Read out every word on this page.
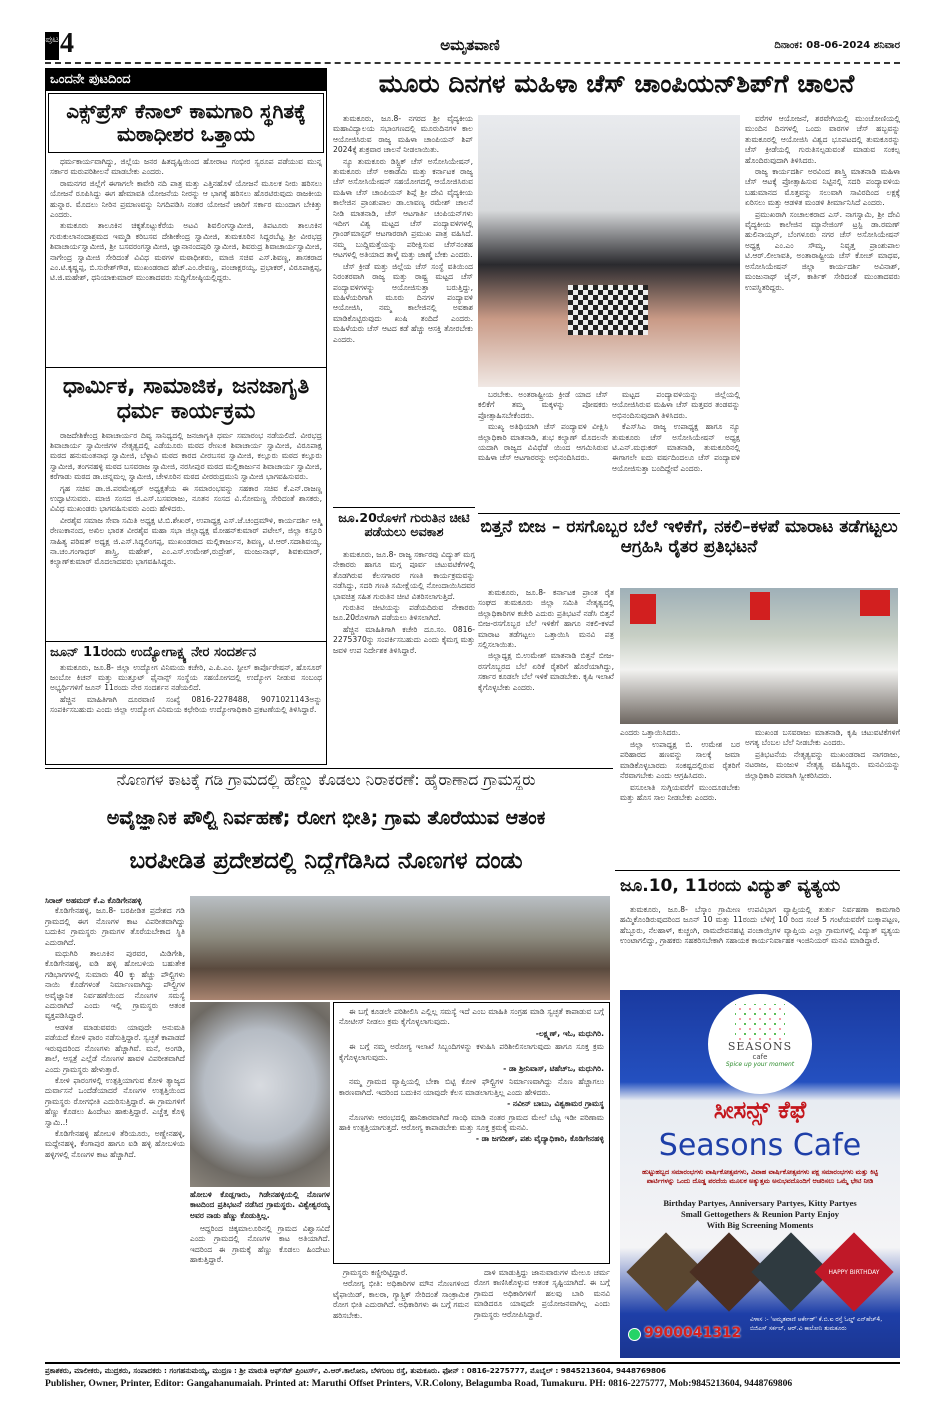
ಪುಟ 4	ಅಮೃತವಾಣಿ	ದಿನಾಂಕ: 08-06-2024 ಶನಿವಾರ
ಒಂದನೇ ಪುಟದಿಂದ
ಎಕ್ಸ್‌ಪ್ರೆಸ್ ಕೆನಾಲ್ ಕಾಮಗಾರಿ ಸ್ಥಗಿತಕ್ಕೆ ಮಠಾಧೀಶರ ಒತ್ತಾಯ

ಧರ್ಮಕಾರ್ಯವಾಗಿದ್ದು, ಜಿಲ್ಲೆಯ ಜನರ ಹಿತದೃಷ್ಟಿಯಿಂದ ಹೋರಾಟ ಗಂಭೀರ ಸ್ವರೂಪ ಪಡೆಯುವ ಮುನ್ನ ಸರ್ಕಾರ ಮರುಪರಿಶೀಲನೆ ಮಾಡಬೇಕು ಎಂದರು.

ರಾಮನಗರ ಜಿಲ್ಲೆಗೆ ಈಗಾಗಲೇ ಕಾವೇರಿ ನದಿ ಪಾತ್ರ ಮತ್ತು ಎತ್ತಿನಹೊಳೆ ಯೋಜನೆ ಮೂಲಕ ನೀರು ಹರಿಸಲು ಯೋಜನೆ ರೂಪಿಸಿದ್ದು ಈಗ ಹೇಮಾವತಿ ಯೋಜನೆಯ ನೀರನ್ನು ಆ ಭಾಗಕ್ಕೆ ಹರಿಸಲು ಹೊರಟಿರುವುದು ರಾಜಕೀಯ ಹುನ್ನಾರ. ಮೊದಲು ನೀರಿನ ಪ್ರಮಾಣವನ್ನು ನಿಗದಿಪಡಿಸಿ ನಂತರ ಯೋಜನೆ ಜಾರಿಗೆ ಸರ್ಕಾರ ಮುಂದಾಗ ಬೇಕಿತ್ತು ಎಂದರು.

ತುಮಕೂರು ತಾಲೂಕಿನ ಚಿಕ್ಕತೊಟ್ಲುಕೆರೆಯ ಅಟವಿ ಶಿವಲಿಂಗಸ್ವಾಮೀಜಿ, ತಿಪಟೂರು ತಾಲೂಕಿನ ಗುರುಕುಲಾನಂದಾಶ್ರಮದ ಇಮ್ಮಡಿ ಕರಿಬಸವ ದೇಶೀಕೇಂದ್ರ ಸ್ವಾಮೀಜಿ, ತುಮಕೂರಿನ ಸಿದ್ದರಬೆಟ್ಟ ಶ್ರೀ ವೀರಭದ್ರ ಶಿವಾಚಾರ್ಯಸ್ವಾಮೀಜಿ, ಶ್ರೀ ಬಸವರಂಗಸ್ವಾಮೀಜಿ, ಜ್ಞಾನಾನಂದಪುರಿ ಸ್ವಾಮೀಜಿ, ಶಿವರುದ್ರ ಶಿವಾಚಾರ್ಯಸ್ವಾಮೀಜಿ, ನಾಗೇಂದ್ರ ಸ್ವಾಮೀಜಿ ಸೇರಿದಂತೆ ವಿವಿಧ ಮಠಗಳ ಮಠಾಧೀಶರು, ಮಾಜಿ ಸಚಿವ ಎಸ್.ಶಿವಣ್ಣ, ಶಾಸಕರಾದ ಎಂ.ಟಿ.ಕೃಷ್ಣಪ್ಪ, ಬಿ.ಸುರೇಶ್‌ಗೌಡ, ಮುಖಂಡರಾದ ಹೆಚ್.ಎಂ.ರೇವಣ್ಣ, ಪಂಚಾಕ್ಷರಯ್ಯ, ಪ್ರಭಾಕರ್, ವಿರೂಪಾಕ್ಷಪ್ಪ, ಟಿ.ಜಿ.ಮಹೇಶ್, ಧನಿಯಾಕುಮಾರ್ ಮುಂತಾದವರು ಸುದ್ದಿಗೋಷ್ಠಿಯಲ್ಲಿದ್ದರು.

ಧಾರ್ಮಿಕ, ಸಾಮಾಜಿಕ, ಜನಜಾಗೃತಿ ಧರ್ಮ ಕಾರ್ಯಕ್ರಮ

ರಾಜದೇಶಿಕೇಂದ್ರ ಶಿವಾಚಾರ್ಯರ ದಿವ್ಯ ಸಾನಿಧ್ಯದಲ್ಲಿ ಜನಜಾಗೃತಿ ಧರ್ಮ ಸಮಾರಂಭ ನಡೆಯಲಿದೆ. ವೀರಭದ್ರ ಶಿವಾಚಾರ್ಯ ಸ್ವಾಮೀಜಿಗಳ ನೇತೃತ್ವದಲ್ಲಿ ಎಡೆಯೂರು ಮಠದ ರೇಣುಕ ಶಿವಾಚಾರ್ಯ ಸ್ವಾಮೀಜಿ, ವಿರೂಪಾಕ್ಷ ಮಠದ ಹನುಮಂತನಾಥ ಸ್ವಾಮೀಜಿ, ಬೆಳ್ಳಾವಿ ಮಠದ ಕಾರದ ವೀರಬಸವ ಸ್ವಾಮೀಜಿ, ಕಲ್ಲೂರು ಮಠದ ಕಲ್ಲೂರು ಸ್ವಾಮೀಜಿ, ತಂಗನಹಳ್ಳಿ ಮಠದ ಬಸವರಾಜ ಸ್ವಾಮೀಜಿ, ನರಸೀಪುರ ಮಠದ ಮಲ್ಲಿಕಾರ್ಜುನ ಶಿವಾಚಾರ್ಯ ಸ್ವಾಮೀಜಿ, ಕರೆಗಾಡು ಮಠದ ಡಾ.ಚನ್ನಮಲ್ಲ ಸ್ವಾಮೀಜಿ, ಚೇಳೂರಿನ ಮಠದ ವೀರರುದ್ರಮುನಿ ಸ್ವಾಮೀಜಿ ಭಾಗವಹಿಸುವರು.

ಗೃಹ ಸಚಿವ ಡಾ.ಜಿ.ಪರಮೇಶ್ವರ್ ಅಧ್ಯಕ್ಷತೆಯ ಈ ಸಮಾರಂಭವನ್ನು ಸಹಕಾರ ಸಚಿವ ಕೆ.ಎನ್.ರಾಜಣ್ಣ ಉದ್ಘಾಟಿಸುವರು. ಮಾಜಿ ಸಂಸದ ಜಿ.ಎಸ್.ಬಸವರಾಜು, ನೂತನ ಸಂಸದ ವಿ.ಸೋಮಣ್ಣ ಸೇರಿದಂತೆ ಶಾಸಕರು, ವಿವಿಧ ಮುಖಂಡರು ಭಾಗವಹಿಸುವರು ಎಂದು ಹೇಳಿದರು.

ವೀರಶೈವ ಸಮಾಜ ಸೇವಾ ಸಮಿತಿ ಅಧ್ಯಕ್ಷ ಟಿ.ಬಿ.ಶೇಖರ್, ಉಪಾಧ್ಯಕ್ಷ ಎಸ್.ಜೆ.ಚಂದ್ರಮೌಳಿ, ಕಾರ್ಯದರ್ಶಿ ಆತ್ಮಿ ರೇಣುಕಾನಂದ, ಅಖಿಲ ಭಾರತ ವೀರಶೈವ ಮಹಾ ಸಭಾ ಜಿಲ್ಲಾಧ್ಯಕ್ಷ ಮೋಹನ್‌ಕುಮಾರ್ ಪಟೇಲ್, ಜಿಲ್ಲಾ ಕಸ್ತೂರಿ ಸಾಹಿತ್ಯ ಪರಿಷತ್ ಅಧ್ಯಕ್ಷ ಜಿ.ಎಸ್.ಸಿದ್ದಲಿಂಗಪ್ಪ, ಮುಖಂಡರಾದ ಮಲ್ಲಿಕಾರ್ಜುನ, ಶಿವಣ್ಣ, ಟಿ.ಆರ್.ಸದಾಶಿವಯ್ಯ, ನಾ.ಚಂ.ಗಂಗಾಧರ್ ಶಾಸ್ತ್ರಿ, ಮಹೇಶ್, ಎಂ.ಎಸ್.ಉಮೇಶ್,ರುದ್ರೇಶ್, ಮಂಜುನಾಥ್, ಶಿವಕುಮಾರ್, ಕಲ್ಯಾಣ್‌ಕುಮಾರ್ ಮೊದಲಾದವರು ಭಾಗವಹಿಸಿದ್ದರು.

ಜೂನ್ 11ರಂದು ಉದ್ಯೋಗಾಕ್ಷ್ಯ ನೇರ ಸಂದರ್ಶನ

ತುಮಕೂರು, ಜೂ.8- ಜಿಲ್ಲಾ ಉದ್ಯೋಗ ವಿನಿಮಯ ಕಚೇರಿ, ಎ.ಪಿ.ಎಂ. ಸ್ಟೀಲ್ ಕಾರ್ಪೊರೇಷನ್, ಹೊಸೂರ್ ಜಂಬೋ ಕಿಚನ್ ಮತ್ತು ಮುತ್ತೂಟ್ ಫೈನಾನ್ಸ್ ಸಂಸ್ಥೆಯ ಸಹಯೋಗದಲ್ಲಿ ಉದ್ಯೋಗ ನೀಡುವ ಸಂಬಂಧ ಅಭ್ಯರ್ಥಿಗಳಿಗೆ ಜೂನ್ 11ರಂದು ನೇರ ಸಂದರ್ಶನ ನಡೆಯಲಿದೆ.

ಹೆಚ್ಚಿನ ಮಾಹಿತಿಗಾಗಿ ದೂರವಾಣಿ ಸಂಖ್ಯೆ 0816-2278488, 9071021143ಅನ್ನು ಸಂಪರ್ಕಿಸಬಹುದು ಎಂದು ಜಿಲ್ಲಾ ಉದ್ಯೋಗ ವಿನಿಮಯ ಕಛೇರಿಯ ಉದ್ಯೋಗಾಧಿಕಾರಿ ಪ್ರಕಟಣೆಯಲ್ಲಿ ತಿಳಿಸಿದ್ದಾರೆ.

ಮೂರು ದಿನಗಳ ಮಹಿಳಾ ಚೆಸ್ ಚಾಂಪಿಯನ್‌ಶಿಪ್‌ಗೆ ಚಾಲನೆ

ತುಮಕೂರು, ಜೂ.8- ನಗರದ ಶ್ರೀ ವೈದ್ಯಕೀಯ ಮಹಾವಿದ್ಯಾಲಯ ಸಭಾಂಗಣದಲ್ಲಿ ಮೂರುದಿನಗಳ ಕಾಲ ಆಯೋಜಿಸಿರುವ ರಾಜ್ಯ ಮಹಿಳಾ ಚಾಂಪಿಯನ್ ಶಿಪ್ 2024ಕ್ಕೆ ಶುಕ್ರವಾರ ಚಾಲನೆ ನೀಡಲಾಯಿತು.

ನ್ಯೂ ತುಮಕೂರು ಡಿಸ್ಟ್ರಿಕ್ ಚೆಸ್ ಅಸೋಸಿಯೇಷನ್, ತುಮಕೂರು ಚೆಸ್ ಅಕಾಡೆಮಿ ಮತ್ತು ಕರ್ನಾಟಕ ರಾಜ್ಯ ಚೆಸ್ ಅಸೋಸಿಯೇಷನ್ ಸಹಯೋಗದಲ್ಲಿ ಆಯೋಜಿಸಿರುವ ಮಹಿಳಾ ಚೆಸ್ ಚಾಂಪಿಯನ್ ಶಿಪ್ಗೆ ಶ್ರೀ ದೇವಿ ವೈದ್ಯಕೀಯ ಕಾಲೇಜಿನ ಪ್ರಾಂಶುಪಾಲ ಡಾ.ಲಾವಣ್ಯ ರಮೇಶ್ ಚಾಲನೆ ನೀಡಿ ಮಾತನಾಡಿ, ಚೆಸ್ ಆಟಗಾರ್ತಿ ಚಂಪಿಯನ್‌ಗಳು ಇದೀಗ ವಿಶ್ವ ಮಟ್ಟದ ಚೆಸ್ ಪಂದ್ಯಾವಳಿಗಳಲ್ಲಿ ಗ್ರಾಂಡ್‌ಮಾಸ್ಟರ್ ಆಟಗಾರರಾಗಿ ಪ್ರಮುಖ ಪಾತ್ರ ವಹಿಸಿದೆ. ನಮ್ಮ ಬುದ್ದಿಮತ್ತೆಯನ್ನು ಪರೀಕ್ಷಿಸುವ ಚೆಸ್‌ನಂತಹ ಆಟಗಳಲ್ಲಿ ಅತಿಯಾದ ತಾಳ್ಮೆ ಮತ್ತು ಜಾಣ್ಮೆ ಬೇಕು ಎಂದರು.

ಚೆಸ್ ಕ್ರೀಡೆ ಮತ್ತು ಜಿಲ್ಲೆಯ ಚೆಸ್ ಸಂಸ್ಥೆ ವತಿಯಿಂದ ನಿರಂತರವಾಗಿ ರಾಜ್ಯ ಮತ್ತು ರಾಷ್ಟ್ರ ಮಟ್ಟದ ಚೆಸ್ ಪಂದ್ಯಾವಳಿಗಳನ್ನು ಆಯೋಜಿಸುತ್ತಾ ಬರುತ್ತಿದ್ದು, ಮಹಿಳೆಯರಿಗಾಗಿ ಮೂರು ದಿನಗಳ ಪಂದ್ಯಾವಳಿ ಆಯೋಜಿಸಿ, ನಮ್ಮ ಕಾಲೇಜಿನಲ್ಲಿ ಅವಕಾಶ ಮಾಡಿಕೊಟ್ಟಿರುವುದು ಖುಷಿ ತಂದಿದೆ ಎಂದರು. ಮಹಿಳೆಯರು ಚೆಸ್ ಆಟದ ಕಡೆ ಹೆಚ್ಚು ಆಸಕ್ತಿ ತೋರಬೇಕು ಎಂದರು.

ವರೆಗಳ ಆಯೋಜನೆ, ಶರವೇಗಿಯಲ್ಲಿ ಮುಂಚೋಣಿಯಲ್ಲಿ ಮುಂದಿನ ದಿನಗಳಲ್ಲಿ ಒಂದು ವಾರಗಳ ಚೆಸ್ ಹಬ್ಬವನ್ನು ತುಮಕೂರಲ್ಲಿ ಆಯೋಜಿಸಿ ವಿಶ್ವದ ಭೂಪಟದಲ್ಲಿ ತುಮಕೂರನ್ನು ಚೆಸ್ ಕ್ರೀಡೆಯಲ್ಲಿ ಗುರುತಿಸಲ್ಪಡುವಂತೆ ಮಾಡುವ ಸಂಕಲ್ಪ ಹೊಂದಿರುವುದಾಗಿ ತಿಳಿಸಿದರು.

ರಾಜ್ಯ ಕಾರ್ಯದರ್ಶಿ ಅರವಿಂದ ಶಾಸ್ತ್ರಿ ಮಾತನಾಡಿ ಮಹಿಳಾ ಚೆಸ್ ಆಟಕ್ಕೆ ಪ್ರೋತ್ಸಾಹಿಸುವ ನಿಟ್ಟಿನಲ್ಲಿ ಸದರಿ ಪಂದ್ಯಾವಳಿಯ ಬಹುಮಾನದ ಮೊತ್ತವನ್ನು ಸಲುವಾಗಿ ಸಾವಿರದಿಂದ ಲಕ್ಷಕ್ಕೆ ಏರಿಸಲು ಮತ್ತು ಆಡಳಿತ ಮಂಡಳಿ ತೀರ್ಮಾನಿಸಿದೆ ಎಂದರು.

ಪ್ರಮುಖರಾಗಿ ಸಂಚಾಲಕರಾದ ಎಸ್. ನಾಗಸ್ವಾಮಿ, ಶ್ರೀ ದೇವಿ ವೈದ್ಯಕೀಯ ಕಾಲೇಜಿನ ಮ್ಯಾನೇಜಿಂಗ್ ಟ್ರಸ್ಟಿ ಡಾ.ರಮಣ್ ಹುಲಿನಾಯ್ಕರ್, ಬೆಂಗಳೂರು ನಗರ ಚೆಸ್ ಅಸೋಸಿಯೇಷನ್ ಅಧ್ಯಕ್ಷ ಎಂ.ಎಂ ಸೌಮ್ಯ, ನಿವೃತ್ತ ಪ್ರಾಂಶುಪಾಲ ಟಿ.ಆರ್.ಲೀಲಾವತಿ, ಅಂತಾರಾಷ್ಟ್ರೀಯ ಚೆಸ್ ಕೋಚ್ ಮಾಧವ, ಅಸೋಸಿಯೇಷನ್ ಜಿಲ್ಲಾ ಕಾರ್ಯದರ್ಶಿ ಅವಿನಾಶ್, ಮಂಜುನಾಥ್ ಜೈನ್, ಕಾರ್ತಿಕ್ ಸೇರಿದಂತೆ ಮುಂತಾದವರು ಉಪಸ್ಥಿತರಿದ್ದರು.

ಬರಬೇಕು. ಅಂತರಾಷ್ಟ್ರೀಯ ಕ್ರೀಡೆ ಯಾದ ಚೆಸ್ ಕಲಿಕೆಗೆ ತಮ್ಮ ಮಕ್ಕಳನ್ನು ಪೋಷಕರು ಪ್ರೋತ್ಸಾಹಿಸಬೇಕೆಂದರು.

ಮುಖ್ಯ ಅತಿಥಿಯಾಗಿ ಚೆಸ್ ಪಂದ್ಯಾವಳಿ ವೀಕ್ಷಿಸಿ ಜಿಲ್ಲಾಧಿಕಾರಿ ಮಾತನಾಡಿ, ಶುಭ ಕಲ್ಯಾಣ್ ಮೊದಲನೇ ಯದಾಗಿ ರಾಜ್ಯದ ವಿವಿಧೆಡೆ ಯಿಂದ ಆಗಮಿಸಿರುವ ಮಹಿಳಾ ಚೆಸ್ ಆಟಗಾರರನ್ನು ಅಭಿನಂದಿಸಿದರು.

ಮಟ್ಟದ ಪಂದ್ಯಾವಳಿಯನ್ನು ಜಿಲ್ಲೆಯಲ್ಲಿ ಆಯೋಜಿಸಿರುವ ಮಹಿಳಾ ಚೆಸ್ ಮತ್ತವರ ತಂಡವನ್ನು ಅಭಿನಂದಿಸುವುದಾಗಿ ತಿಳಿಸಿದರು.

ಕೆಎಸ್‌ಸಿಎ ರಾಜ್ಯ ಉಪಾಧ್ಯಕ್ಷ ಹಾಗೂ ನ್ಯೂ ತುಮಕೂರು ಚೆಸ್ ಅಸೋಸಿಯೇಷನ್ ಅಧ್ಯಕ್ಷ ಟಿ.ಎನ್.ಮಧುಕರ್ ಮಾತನಾಡಿ, ತುಮಕೂರಿನಲ್ಲಿ ಈಗಾಗಲೇ ಐದು ವರ್ಷದಿಂದಲೂ ಚೆಸ್ ಪಂದ್ಯಾವಳಿ ಆಯೋಜಿಸುತ್ತಾ ಬಂದಿದ್ದೇವೆ ಎಂದರು.

ಜೂ.20ರೊಳಗೆ ಗುರುತಿನ ಚೀಟಿ ಪಡೆಯಲು ಅವಕಾಶ

ತುಮಕೂರು, ಜೂ.8- ರಾಜ್ಯ ಸರ್ಕಾರವು ವಿದ್ಯುತ್ ಮಗ್ಗ ನೇಕಾರರು ಹಾಗೂ ಮಗ್ಗ ಪೂರ್ವ ಚಟುವಟಿಕೆಗಳಲ್ಲಿ ತೊಡಗಿರುವ ಕೆಲಸಗಾರರ ಗಣತಿ ಕಾರ್ಯಕ್ರಮವನ್ನು ನಡೆಸಿದ್ದು, ಸದರಿ ಗಣತಿ ಸಮೀಕ್ಷೆಯಲ್ಲಿ ನೋಂದಾಯಿಸಿದವರ ಭಾವಚಿತ್ರ ಸಹಿತ ಗುರುತಿನ ಚೀಟಿ ವಿತರಿಸಲಾಗುತ್ತಿದೆ.

ಗುರುತಿನ ಚೀಟಿಯನ್ನು ಪಡೆಯದಿರುವ ನೇಕಾರರು ಜೂ.20ರೊಳಗಾಗಿ ಪಡೆಯಲು ತಿಳಿಸಲಾಗಿದೆ.

ಹೆಚ್ಚಿನ ಮಾಹಿತಿಗಾಗಿ ಕಚೇರಿ ದೂ.ಸಂ. 0816-2275370ನ್ನು ಸಂಪರ್ಕಿಸಬಹುದು ಎಂದು ಕೈಮಗ್ಗ ಮತ್ತು ಜವಳಿ ಉಪ ನಿರ್ದೇಶಕ ತಿಳಿಸಿದ್ದಾರೆ.

ಬಿತ್ತನೆ ಬೀಜ – ರಸಗೊಬ್ಬರ ಬೆಲೆ ಇಳಿಕೆಗೆ, ನಕಲಿ–ಕಳಪೆ ಮಾರಾಟ ತಡೆಗಟ್ಟಲು ಆಗ್ರಹಿಸಿ ರೈತರ ಪ್ರತಿಭಟನೆ

ತುಮಕೂರು, ಜೂ.8- ಕರ್ನಾಟಕ ಪ್ರಾಂತ ರೈತ ಸಂಘದ ತುಮಕೂರು ಜಿಲ್ಲಾ ಸಮಿತಿ ನೇತೃತ್ವದಲ್ಲಿ ಜಿಲ್ಲಾಧಿಕಾರಿಗಳ ಕಚೇರಿ ಎದುರು ಪ್ರತಿಭಟನೆ ನಡೆಸಿ ಬಿತ್ತನೆ ಬೀಜ-ರಸಗೊಬ್ಬರ ಬೆಲೆ ಇಳಿಕೆಗೆ ಹಾಗೂ ನಕಲಿ-ಕಳಪೆ ಮಾರಾಟ ತಡೆಗಟ್ಟಲು ಒತ್ತಾಯಿಸಿ ಮನವಿ ಪತ್ರ ಸಲ್ಲಿಸಲಾಯಿತು.

ಜಿಲ್ಲಾಧ್ಯಕ್ಷ ಬಿ.ಉಮೇಶ್ ಮಾತನಾಡಿ ಬಿತ್ತನೆ ಬೀಜ-ರಸಗೊಬ್ಬರದ ಬೆಲೆ ಏರಿಕೆ ರೈತರಿಗೆ ಹೊರೆಯಾಗಿದ್ದು, ಸರ್ಕಾರ ಕೂಡಲೇ ಬೆಲೆ ಇಳಿಕೆ ಮಾಡಬೇಕು. ಕೃಷಿ ಇಲಾಖೆ ಕೈಗೊಳ್ಳಬೇಕು ಎಂದರು.

ಎಂದರು ಒತ್ತಾಯಿಸಿದರು.

ಜಿಲ್ಲಾ ಉಪಾಧ್ಯಕ್ಷ ಬಿ. ಉಮೇಶ ಬರ ಪರಿಹಾರದ ಹಣವನ್ನು ಸಾಲಕ್ಕೆ ಜಮಾ ಮಾಡಿಕೊಳ್ಳಬಾರದು ಸಂಕಷ್ಟದಲ್ಲಿರುವ ರೈತರಿಗೆ ನೆರವಾಗಬೇಕು ಎಂದು ಆಗ್ರಹಿಸಿದರು.

ವಸೂಲಾತಿ ಸುಗ್ಗಿಯವರೆಗೆ ಮುಂದೂಡಬೇಕು ಮತ್ತು ಹೊಸ ಸಾಲ ನೀಡಬೇಕು ಎಂದರು.

ಮುಖಂಡ ಬಸವರಾಜು ಮಾತನಾಡಿ, ಕೃಷಿ ಚಟುವಟಿಕೆಗಳಿಗೆ ಅಗತ್ಯ ಬೆಂಬಲ ಬೆಲೆ ನೀಡಬೇಕು ಎಂದರು.

ಪ್ರತಿಭಟನೆಯ ನೇತೃತ್ವವನ್ನು ಮುಖಂಡರಾದ ನಾಗರಾಜು, ನಟರಾಜ, ಮಂಜುಳ ನೇತೃತ್ವ ವಹಿಸಿದ್ದರು. ಮನವಿಯನ್ನು ಜಿಲ್ಲಾಧಿಕಾರಿ ಪರವಾಗಿ ಸ್ವೀಕರಿಸಿದರು.

ನೊಣಗಳ ಕಾಟಕ್ಕೆ ಗಡಿ ಗ್ರಾಮದಲ್ಲಿ ಹೆಣ್ಣು ಕೊಡಲು ನಿರಾಕರಣೆ: ಹೈರಾಣಾದ ಗ್ರಾಮಸ್ಥರು
ಅವೈಜ್ಞಾನಿಕ ಪೌಲ್ಟ್ರಿ ನಿರ್ವಹಣೆ; ರೋಗ ಭೀತಿ; ಗ್ರಾಮ ತೊರೆಯುವ ಆತಂಕ
ಬರಪೀಡಿತ ಪ್ರದೇಶದಲ್ಲಿ ನಿದ್ದೆಗೆಡಿಸಿದ ನೊಣಗಳ ದಂಡು
ಜೂ.10, 11ರಂದು ವಿದ್ಯುತ್ ವ್ಯತ್ಯಯ

ತುಮಕೂರು, ಜೂ.8- ಬೆಸ್ಕಾಂ ಗ್ರಾಮೀಣ ಉಪವಿಭಾಗ ವ್ಯಾಪ್ತಿಯಲ್ಲಿ ತುರ್ತು ನಿರ್ವಹಣಾ ಕಾಮಗಾರಿ ಹಮ್ಮಿಕೊಂಡಿರುವುದರಿಂದ ಜೂನ್ 10 ಮತ್ತು 11ರಂದು ಬೆಳಿಗ್ಗೆ 10 ರಿಂದ ಸಂಜೆ 5 ಗಂಟೆಯವರೆಗೆ ಬುಕ್ಕಾಪಟ್ಟಣ, ಹೆಬ್ಬೂರು, ನೆಲಹಾಳ್, ಕುಚ್ಚಂಗಿ, ರಾಮದೇವನಹಟ್ಟಿ ಪಂಚಾಯ್ತಿಗಳ ವ್ಯಾಪ್ತಿಯ ಎಲ್ಲಾ ಗ್ರಾಮಗಳಲ್ಲಿ ವಿದ್ಯುತ್ ವ್ಯತ್ಯಯ ಉಂಟಾಗಲಿದ್ದು, ಗ್ರಾಹಕರು ಸಹಕರಿಸಬೇಕಾಗಿ ಸಹಾಯಕ ಕಾರ್ಯನಿರ್ವಾಹಕ ಇಂಜಿನಿಯರ್ ಮನವಿ ಮಾಡಿದ್ದಾರೆ.

ಸಿರಾಜ್ ಅಹಮದ್ ಕೆ.ಎ ಕೊಡಿಗೇನಹಳ್ಳಿ

ಕೊಡಿಗೇನಹಳ್ಳಿ, ಜೂ.8- ಬರಪೀಡಿತ ಪ್ರದೇಶದ ಗಡಿ ಗ್ರಾಮದಲ್ಲಿ ಈಗ ನೊಣಗಳ ಕಾಟ ವಿಪರೀತವಾಗಿದ್ದು ಬದುಕಿನ ಗ್ರಾಮಸ್ಥರು ಗ್ರಾಮಗಳ ತೊರೆಯಬೇಕಾದ ಸ್ಥಿತಿ ಎದುರಾಗಿದೆ.

ಮಧುಗಿರಿ ತಾಲೂಕಿನ ಪುರವರ, ಮಿಡಿಗೇಶಿ, ಕೊಡಿಗೇನಹಳ್ಳಿ, ಐಡಿ ಹಳ್ಳಿ ಹೋಬಳಿಯ ಬಹುತೇಕ ಗಡಿಭಾಗಗಳಲ್ಲಿ ಸುಮಾರು 40 ಕ್ಕು ಹೆಚ್ಚು ಪೌಲ್ಟ್ರಿಗಳು ನಾಯಿ ಕೊಡೆಗಳಂತೆ ನಿರ್ಮಾಣವಾಗಿದ್ದು ಪೌಲ್ಟ್ರಿಗಳ ಅವೈಜ್ಞಾನಿಕ ನಿರ್ವಹಣೆಯಿಂದ ನೊಣಗಳ ಸಮಸ್ಯೆ ಎದುರಾಗಿದೆ ಎಂದು ಇಲ್ಲಿ ಗ್ರಾಮಸ್ಥರು ಆತಂಕ ವ್ಯಕ್ತಪಡಿಸಿದ್ದಾರೆ.

ಆಡಳಿತ ಮಾಡುವವರು ಯಾವುದೇ ಅನುಮತಿ ಪಡೆಯದೆ ಕೋಳಿ ಫಾರಂ ನಡೆಸುತ್ತಿದ್ದಾರೆ. ಸ್ವಚ್ಛತೆ ಕಾಪಾಡದೆ ಇರುವುದರಿಂದ ನೊಣಗಳು ಹೆಚ್ಚಾಗಿವೆ. ಮನೆ, ಅಂಗಡಿ, ಶಾಲೆ, ಆಸ್ಪತ್ರೆ ಎಲ್ಲೆಡೆ ನೊಣಗಳ ಹಾವಳಿ ವಿಪರೀತವಾಗಿದೆ ಎಂದು ಗ್ರಾಮಸ್ಥರು ಹೇಳುತ್ತಾರೆ.

ಕೋಳಿ ಫಾರಂಗಳಲ್ಲಿ ಉತ್ಪತ್ತಿಯಾಗುವ ಕೋಳಿ ತ್ಯಾಜ್ಯದ ದುರ್ವಾಸನೆ ಒಂದೆಡೆಯಾದರೆ ನೊಣಗಳ ಉತ್ಪತ್ತಿಯಿಂದ ಗ್ರಾಮಸ್ಥರು ರೋಗಭೀತಿ ಎದುರಿಸುತ್ತಿದ್ದಾರೆ. ಈ ಗ್ರಾಮಗಳಿಗೆ ಹೆಣ್ಣು ಕೊಡಲು ಹಿಂದೇಟು ಹಾಕುತ್ತಿದ್ದಾರೆ. ಎಚ್ಚೆತ್ತ ಕೊಳ್ಳಿ ಸ್ವಾಮಿ..!

ಕೊಡಿಗೇನಹಳ್ಳಿ ಹೋಬಳಿ ತೆರಿಯೂರು, ಅಣ್ಣೇನಹಳ್ಳಿ, ಮದ್ದೇನಹಳ್ಳಿ, ಕೆಂಗಾಪುರ ಹಾಗೂ ಐಡಿ ಹಳ್ಳಿ ಹೋಬಳಿಯ ಹಳ್ಳಿಗಳಲ್ಲಿ ನೊಣಗಳ ಕಾಟ ಹೆಚ್ಚಾಗಿದೆ.

ಹೋಬಳಿ ಕೊಡ್ಲಗಾರು, ಗಿಡೇನಹಳ್ಳಿಯಲ್ಲಿ ನೊಣಗಳ ಕಾಟದಿಂದ ಪ್ರತಿಭಟನೆ ನಡೆಸಿದ ಗ್ರಾಮಸ್ಥರು. ವಿಶ್ವೇಶ್ವರಯ್ಯ ಅವರ ನಾಡು ಹೆಣ್ಣು ಕೊಡುತ್ತಿಲ್ಲ.

ಆದ್ದರಿಂದ ಚಿಕ್ಕಮಾಲೂರಿನಲ್ಲಿ ಗ್ರಾಮದ ವಿಶ್ವಾಸವಿದೆ ಎಂದು ಗ್ರಾಮದಲ್ಲಿ ನೊಣಗಳ ಕಾಟ ಅತಿಯಾಗಿದೆ. ಇದರಿಂದ ಈ ಗ್ರಾಮಕ್ಕೆ ಹೆಣ್ಣು ಕೊಡಲು ಹಿಂದೇಟು ಹಾಕುತ್ತಿದ್ದಾರೆ.

ಈ ಬಗ್ಗೆ ಕೂಡಲೇ ಪರಿಶೀಲಿಸಿ ಎಲ್ಲಿಲ್ಲ ಸಮಸ್ಯೆ ಇದೆ ಎಂಬ ಮಾಹಿತಿ ಸಂಗ್ರಹ ಮಾಡಿ ಸ್ವಚ್ಛತೆ ಕಾಪಾಡುವ ಬಗ್ಗೆ ನೋಟೀಸ್ ನೀಡಲು ಕ್ರಮ ಕೈಗೊಳ್ಳಲಾಗುವುದು.

-ಲಕ್ಷ್ಮಣ್, ಇಓ, ಮಧುಗಿರಿ.

ಈ ಬಗ್ಗೆ ನಮ್ಮ ಅರೋಗ್ಯ ಇಲಾಖೆ ಸಿಬ್ಬಂದಿಗಳನ್ನು ಕಳುಹಿಸಿ ಪರಿಶೀಲಿಸಲಾಗುವುದು ಹಾಗೂ ಸೂಕ್ತ ಕ್ರಮ ಕೈಗೊಳ್ಳಲಾಗುವುದು.

- ಡಾ ಶ್ರೀನಿವಾಸ್, ಟಿಹೆಚ್ಒ, ಮಧುಗಿರಿ.

ನಮ್ಮ ಗ್ರಾಮದ ವ್ಯಾಪ್ತಿಯಲ್ಲಿ ಬೇಕಾ ಬಿಟ್ಟಿ ಕೋಳಿ ಫೌಲ್ಟ್ರಿಗಳ ನಿರ್ಮಾಣವಾಗಿದ್ದು ನೊಣ ಹೆಚ್ಚಾಗಲು ಕಾರಣವಾಗಿದೆ. ಇದರಿಂದ ಬದುಕಿನ ಯಾವುದೇ ಕೆಲಸ ಮಾಡಲಾಗುತ್ತಿಲ್ಲ ಎಂದು ಹೇಳಿದರು.

- ನವೀನ್ ಬಾಬು, ವಿಶ್ವಕಾಮರ ಗ್ರಾಮಸ್ಥ

ನೊಣಗಳು ಆರಂಭದಲ್ಲಿ ಹಾನಿಕಾರವಾಗಿದೆ ಗಾಂಧಿ ಮಾಡಿ ನಂತರ ಗ್ರಾಮದ ಮೇಲೆ ಬೆಟ್ಟ ಇಡೀ ಪರಿಣಾಮ ಹಾಕಿ ಉತ್ಪತ್ತಿಯಾಗುತ್ತದೆ. ಆರೋಗ್ಯ ಕಾಪಾಡಬೇಕು ಮತ್ತು ಸೂಕ್ತ ಕ್ರಮಕ್ಕೆ ಮನವಿ.

- ಡಾ ಜಗದೀಶ್, ಪಶು ವೈದ್ಯಾಧಿಕಾರಿ, ಕೊಡಿಗೇನಹಳ್ಳಿ

ಗ್ರಾಮಸ್ಥರು ಕಣ್ಣೀರಿಟ್ಟಿದ್ದಾರೆ.

ಆರೋಗ್ಯ ಭೀತಿ: ಅಧಿಕಾರಿಗಳ ಮೌನ ನೊಣಗಳಿಂದ ಟೈಫಾಯಿಡ್, ಕಾಲರಾ, ಗ್ಯಾಸ್ಟ್ರಿಕ್ ಸೇರಿದಂತೆ ಸಾಂಕ್ರಾಮಿಕ ರೋಗ ಭೀತಿ ಎದುರಾಗಿದೆ. ಅಧಿಕಾರಿಗಳು ಈ ಬಗ್ಗೆ ಗಮನ ಹರಿಸಬೇಕು.

ದಾಳಿ ಮಾಡುತ್ತಿದ್ದು ಜಾನುವಾರುಗಳ ಮೇಲೂ ಚರ್ಮ ರೋಗ ಕಾಣಿಸಿಕೊಳ್ಳುವ ಆತಂಕ ಸೃಷ್ಟಿಯಾಗಿದೆ. ಈ ಬಗ್ಗೆ ಗ್ರಾಮದ ಅಧಿಕಾರಿಗಳಿಗೆ ಹಲವು ಬಾರಿ ಮನವಿ ಮಾಡಿದರೂ ಯಾವುದೇ ಪ್ರಯೋಜನವಾಗಿಲ್ಲ ಎಂದು ಗ್ರಾಮಸ್ಥರು ಆರೋಪಿಸಿದ್ದಾರೆ.

SEASONS
cafe
Spice up your moment
ಸೀಸನ್ಸ್ ಕೆಫೆ
Seasons Cafe
ಹುಟ್ಟುಹಬ್ಬದ ಸಮಾರಂಭಗಳು ವಾರ್ಷಿಕೋತ್ಸವಗಳು, ವಿವಾಹ ವಾರ್ಷಿಕೋತ್ಸವಗಳು ಪಕ್ಷ ಸಮಾರಂಭಗಳು ಮತ್ತು ಕಿಟ್ಟಿ ಪಾರ್ಟಿಗಳನ್ನು ಒಂದು ದೊಡ್ಡ ಪರದೆಯ ಮೂಲಕ ಅತ್ಯುತ್ತಮ ಅನುಭವದೊಂದಿಗೆ ಆಚರಿಸಲು ಒಮ್ಮೆ ಭೇಟಿ ನೀಡಿ
Birthday Partyes, Anniversary Partyes, Kitty Partyes
Small Gettogethers & Reunion Party Enjoy
With Big Screening Moments
HAPPY BIRTHDAY
9900041312
ವಿಳಾಸ :- 'ಅಮೃತವಾಣಿ ಆರ್ಕೇಡ್' ಕೆ.ಬಿ.ಐ ರಸ್ತೆ ಓಲ್ಡ್ ಎನ್‌ಹೆಚ್4, ಬಿಜಿಎಸ್ ಸರ್ಕಲ್, ಆರ್.ವಿ ಕಾಲೋನಿ ತುಮಕೂರು
ಪ್ರಕಾಶಕರು, ಮಾಲೀಕರು, ಮುದ್ರಕರು, ಸಂಪಾದಕರು : ಗಂಗಹನುಮಯ್ಯ, ಮುದ್ರಣ : ಶ್ರೀ ಮಾರುತಿ ಆಫ್‌ಸೆಟ್ ಪ್ರಿಂಟರ್ಸ್, ವಿ.ಆರ್.ಕಾಲೋನಿ, ಬೆಳಗುಂಬ ರಸ್ತೆ, ತುಮಕೂರು. ಫೋನ್ : 0816-2275777, ಮೊಬೈಲ್ : 9845213604, 9448769806
Publisher, Owner, Printer, Editor: Gangahanumaiah. Printed at: Maruthi Offset Printers, V.R.Colony, Belagumba Road, Tumakuru. PH: 0816-2275777, Mob:9845213604, 9448769806
